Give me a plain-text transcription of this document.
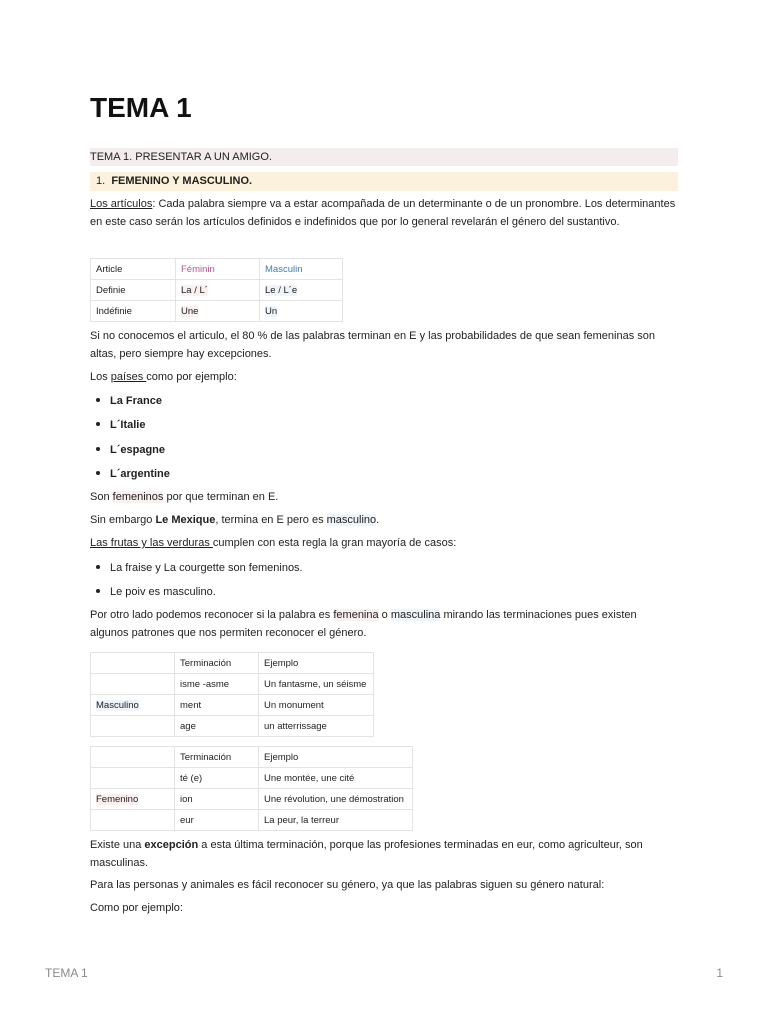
TEMA 1
TEMA 1. PRESENTAR A UN AMIGO.
1. FEMENINO Y MASCULINO.
Los artículos: Cada palabra siempre va a estar acompañada de un determinante o de un pronombre. Los determinantes en este caso serán los artículos definidos e indefinidos que por lo general revelarán el género del sustantivo.
Article	Féminin	Masculin
Definie	La / L´	Le / L´e
Indéfinie	Une	Un
Si no conocemos el articulo, el 80 % de las palabras terminan en E y las probabilidades de que sean femeninas son altas, pero siempre hay excepciones.
Los países como por ejemplo:
La France
L´Italie
L´espagne
L´argentine
Son femeninos por que terminan en E.
Sin embargo Le Mexique, termina en E pero es masculino.
Las frutas y las verduras cumplen con esta regla la gran mayoría de casos:
La fraise y La courgette son femeninos.
Le poiv es masculino.
Por otro lado podemos reconocer si la palabra es femenina o masculina mirando las terminaciones pues existen algunos patrones que nos permiten reconocer el género.
	Terminación	Ejemplo
	isme -asme	Un fantasme, un séisme
Masculino	ment	Un monument
	age	un atterrissage
	Terminación	Ejemplo
	té (e)	Une montée, une cité
Femenino	ion	Une révolution, une démostration
	eur	La peur, la terreur
Existe una excepción a esta última terminación, porque las profesiones terminadas en eur, como agriculteur, son masculinas.
Para las personas y animales es fácil reconocer su género, ya que las palabras siguen su género natural:
Como por ejemplo:
TEMA 1	1
